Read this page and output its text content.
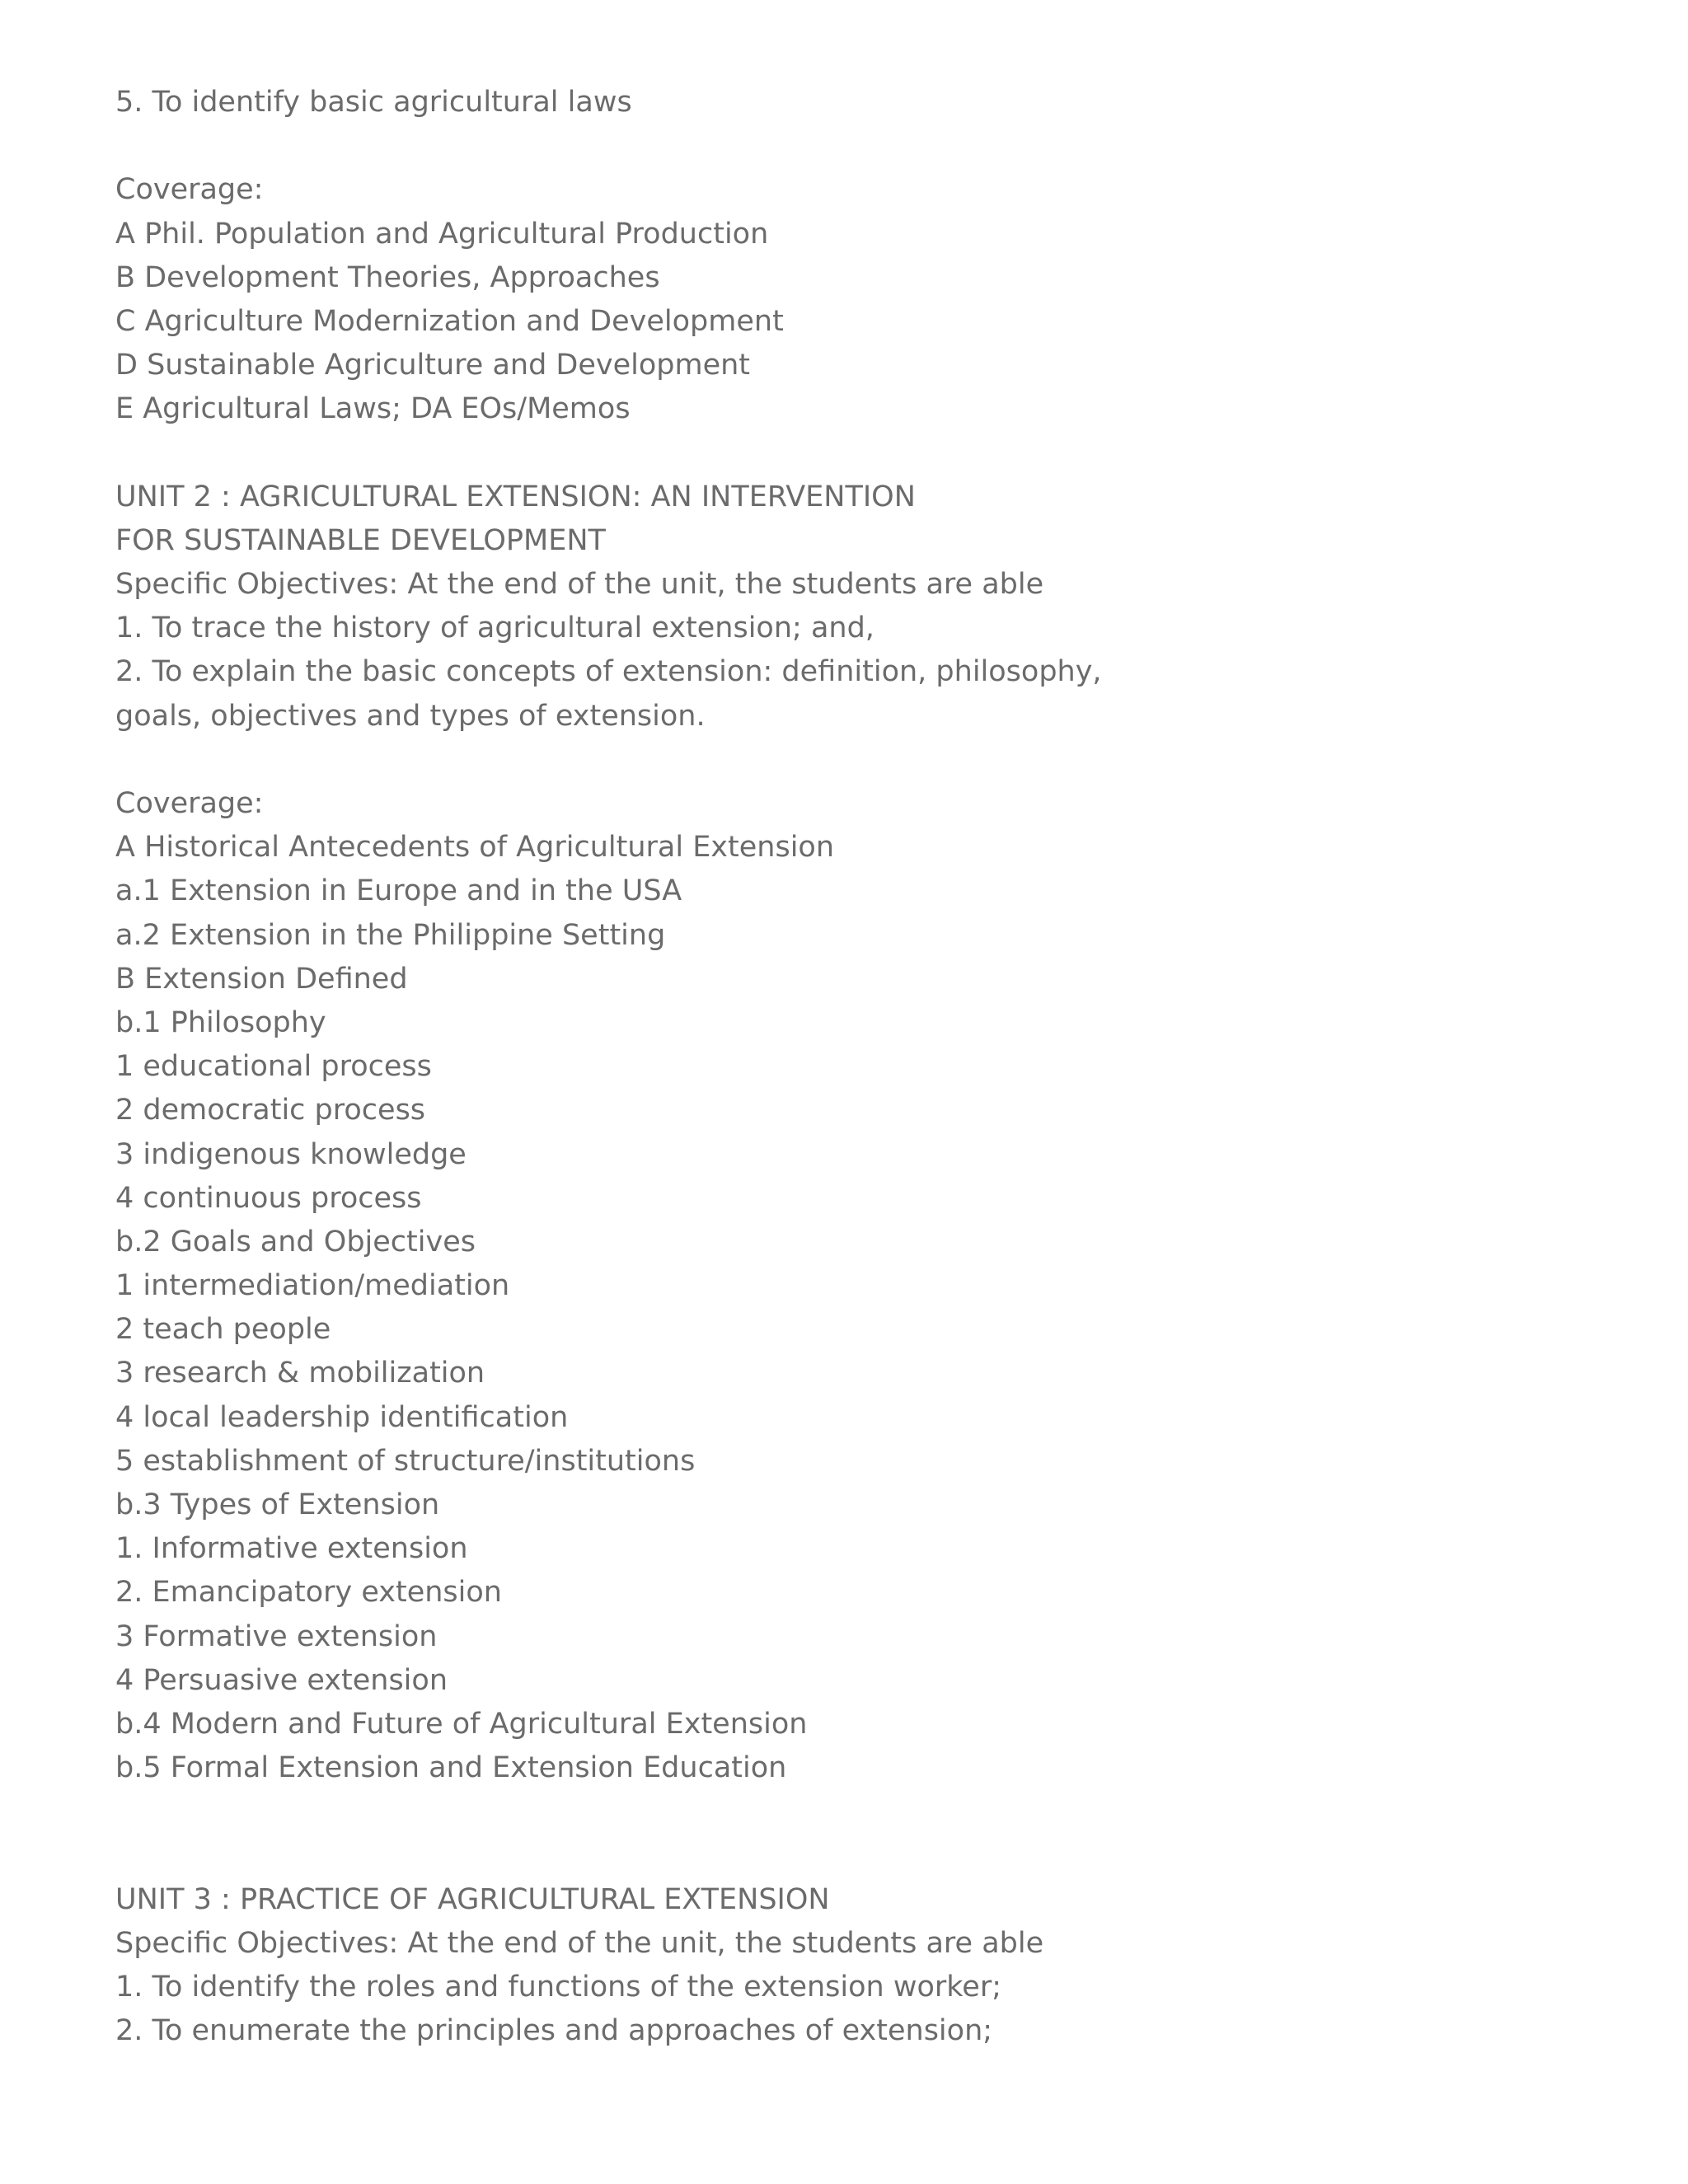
5. To identify basic agricultural laws
Coverage:
A Phil. Population and Agricultural Production
B Development Theories, Approaches
C Agriculture Modernization and Development
D Sustainable Agriculture and Development
E Agricultural Laws; DA EOs/Memos
UNIT 2 : AGRICULTURAL EXTENSION: AN INTERVENTION
FOR SUSTAINABLE DEVELOPMENT
Specific Objectives: At the end of the unit, the students are able
1. To trace the history of agricultural extension; and,
2. To explain the basic concepts of extension: definition, philosophy,
goals, objectives and types of extension.
Coverage:
A Historical Antecedents of Agricultural Extension
a.1 Extension in Europe and in the USA
a.2 Extension in the Philippine Setting
B Extension Defined
b.1 Philosophy
1 educational process
2 democratic process
3 indigenous knowledge
4 continuous process
b.2 Goals and Objectives
1 intermediation/mediation
2 teach people
3 research & mobilization
4 local leadership identification
5 establishment of structure/institutions
b.3 Types of Extension
1. Informative extension
2. Emancipatory extension
3 Formative extension
4 Persuasive extension
b.4 Modern and Future of Agricultural Extension
b.5 Formal Extension and Extension Education
UNIT 3 : PRACTICE OF AGRICULTURAL EXTENSION
Specific Objectives: At the end of the unit, the students are able
1. To identify the roles and functions of the extension worker;
2. To enumerate the principles and approaches of extension;
